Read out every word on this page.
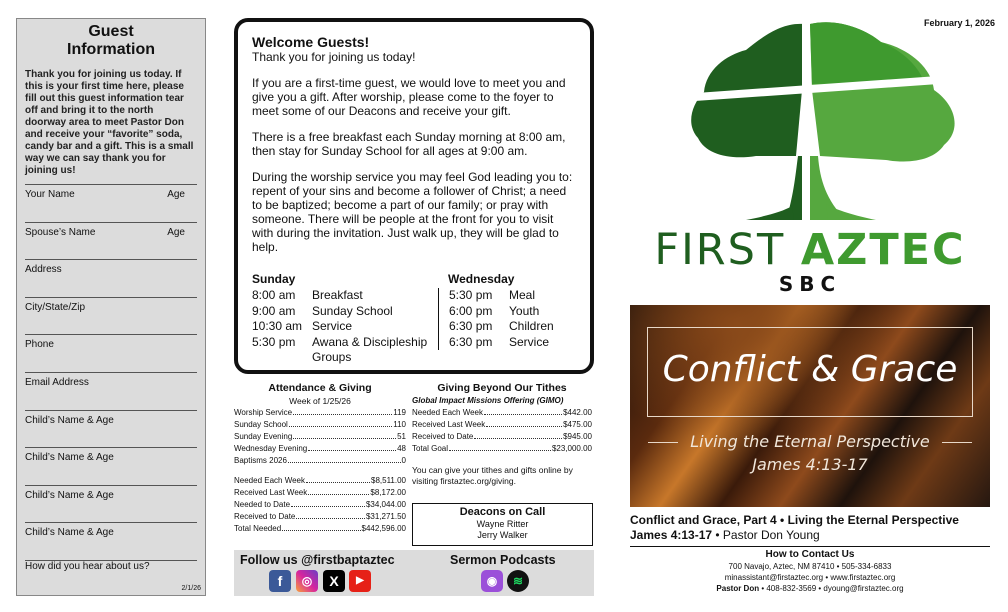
Guest
Information
Thank you for joining us today. If this is your first time here, please fill out this guest information tear off and bring it to the north doorway area to meet Pastor Don and receive your “favorite” soda, candy bar and a gift. This is a small way we can say thank you for joining us!
Your Name	Age
Spouse’s Name	Age
Address
City/State/Zip
Phone
Email Address
Child’s Name & Age
Child’s Name & Age
Child’s Name & Age
Child’s Name & Age
How did you hear about us?
2/1/26
Welcome Guests!

Thank you for joining us today!

If you are a first-time guest, we would love to meet you and give you a gift. After worship, please come to the foyer to meet some of our Deacons and receive your gift.

There is a free breakfast each Sunday morning at 8:00 am, then stay for Sunday School for all ages at 9:00 am.

During the worship service you may feel God leading you to: repent of your sins and become a follower of Christ; a need to be baptized; become a part of our family; or pray with someone. There will be people at the front for you to visit with during the invitation. Just walk up, they will be glad to help.

Sunday
8:00 am	Breakfast
9:00 am	Sunday School
10:30 am Service
5:30 pm	Awana & Discipleship Groups
Wednesday
5:30 pm	Meal
6:00 pm	Youth
6:30 pm	Children
6:30 pm	Service
Attendance & Giving
Week of 1/25/26
Worship Service	119
Sunday School	110
Sunday Evening	51
Wednesday Evening	48
Baptisms 2026	0
Needed Each Week	$8,511.00
Received Last Week	$8,172.00
Needed to Date	$34,044.00
Received to Date	$31,271.50
Total Needed	$442,596.00
Giving Beyond Our Tithes
Global Impact Missions Offering (GIMO)
Needed Each Week	$442.00
Received Last Week	$475.00
Received to Date	$945.00
Total Goal	$23,000.00
You can give your tithes and gifts online by visiting firstaztec.org/giving.
Deacons on Call
Wayne Ritter
Jerry Walker
Follow us @firstbaptaztec	Sermon Podcasts
f	◎	X	▶	◉	≋
February 1, 2026
FIRST AZTEC
SBC
Conflict & Grace
Living the Eternal Perspective
James 4:13-17
Conflict and Grace, Part 4 • Living the Eternal Perspective
James 4:13-17 • Pastor Don Young
How to Contact Us
700 Navajo, Aztec, NM 87410 • 505-334-6833
minassistant@firstaztec.org • www.firstaztec.org
Pastor Don • 408-832-3569 • dyoung@firstaztec.org
